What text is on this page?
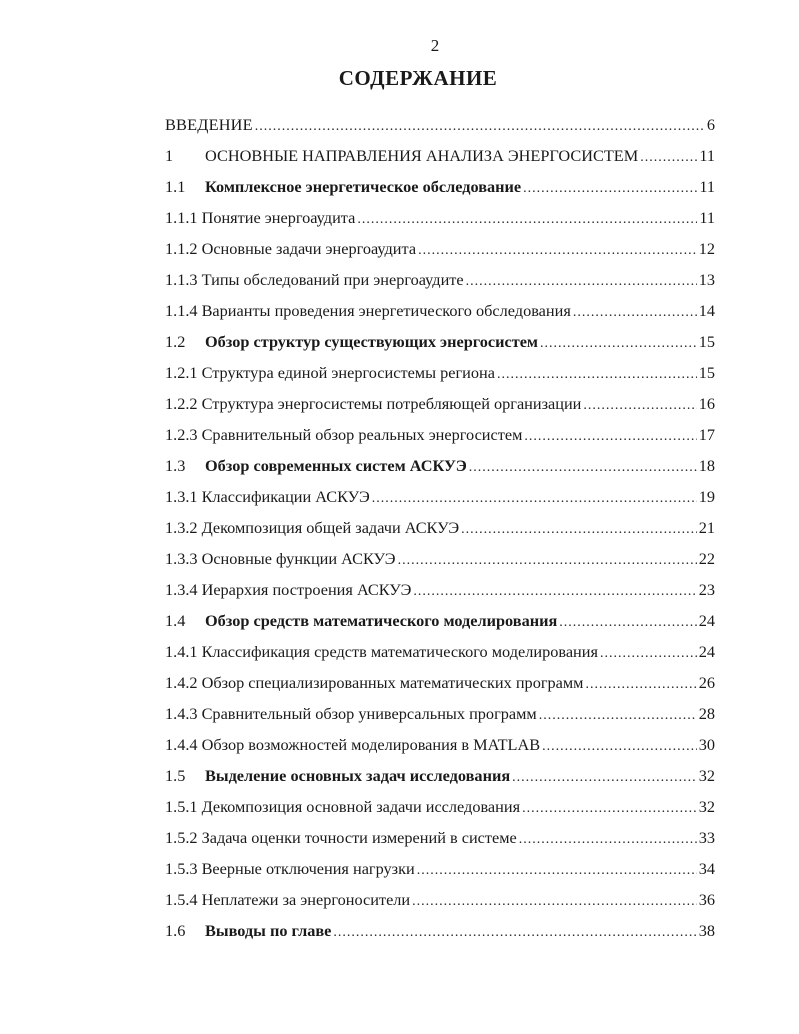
2
СОДЕРЖАНИЕ
ВВЕДЕНИЕ .....	6
1	ОСНОВНЫЕ НАПРАВЛЕНИЯ АНАЛИЗА ЭНЕРГОСИСТЕМ .....	11
1.1	Комплексное энергетическое обследование .....	11
1.1.1 Понятие энергоаудита .....	11
1.1.2 Основные задачи энергоаудита .....	12
1.1.3 Типы обследований при энергоаудите .....	13
1.1.4 Варианты проведения энергетического обследования .....	14
1.2	Обзор структур существующих энергосистем .....	15
1.2.1 Структура единой энергосистемы региона .....	15
1.2.2 Структура энергосистемы потребляющей организации .....	16
1.2.3 Сравнительный обзор реальных энергосистем .....	17
1.3	Обзор современных систем АСКУЭ .....	18
1.3.1 Классификации АСКУЭ .....	19
1.3.2 Декомпозиция общей задачи АСКУЭ .....	21
1.3.3 Основные функции АСКУЭ .....	22
1.3.4 Иерархия построения АСКУЭ .....	23
1.4	Обзор средств математического моделирования .....	24
1.4.1 Классификация средств математического моделирования .....	24
1.4.2 Обзор специализированных математических программ .....	26
1.4.3 Сравнительный обзор универсальных программ .....	28
1.4.4 Обзор возможностей моделирования в MATLAB .....	30
1.5	Выделение основных задач исследования .....	32
1.5.1 Декомпозиция основной задачи исследования .....	32
1.5.2 Задача оценки точности измерений в системе .....	33
1.5.3 Веерные отключения нагрузки .....	34
1.5.4 Неплатежи за энергоносители .....	36
1.6	Выводы по главе .....	38
